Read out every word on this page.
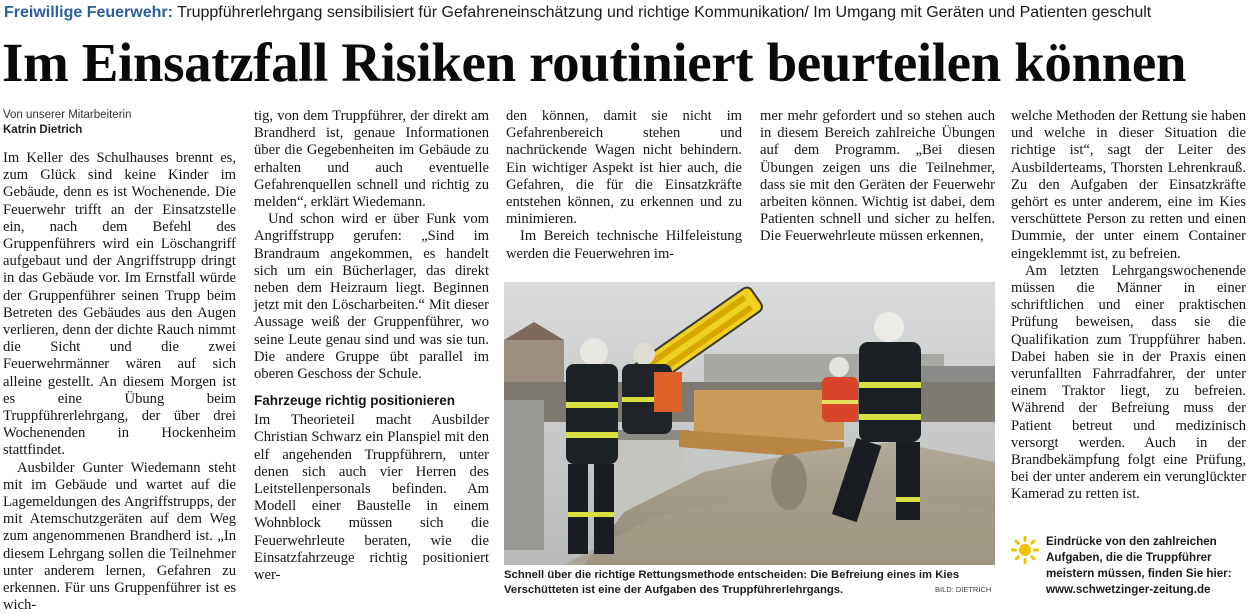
Freiwillige Feuerwehr: Truppführerlehrgang sensibilisiert für Gefahreneinschätzung und richtige Kommunikation/ Im Umgang mit Geräten und Patienten geschult
Im Einsatzfall Risiken routiniert beurteilen können

Von unserer Mitarbeiterin

Katrin Dietrich

Im Keller des Schulhauses brennt es, zum Glück sind keine Kinder im Gebäude, denn es ist Wochenende. Die Feuerwehr trifft an der Einsatzstelle ein, nach dem Befehl des Gruppenführers wird ein Löschangriff aufgebaut und der Angriffstrupp dringt in das Gebäude vor. Im Ernstfall würde der Gruppenführer seinen Trupp beim Betreten des Gebäudes aus den Augen verlieren, denn der dichte Rauch nimmt die Sicht und die zwei Feuerwehrmänner wären auf sich alleine gestellt. An diesem Morgen ist es eine Übung beim Truppführerlehrgang, der über drei Wochenenden in Hockenheim stattfindet.

Ausbilder Gunter Wiedemann steht mit im Gebäude und wartet auf die Lagemeldungen des Angriffstrupps, der mit Atemschutzgeräten auf dem Weg zum angenommenen Brandherd ist. „In diesem Lehrgang sollen die Teilnehmer unter anderem lernen, Gefahren zu erkennen. Für uns Gruppenführer ist es wich-

tig, von dem Truppführer, der direkt am Brandherd ist, genaue Informationen über die Gegebenheiten im Gebäude zu erhalten und auch eventuelle Gefahrenquellen schnell und richtig zu melden“, erklärt Wiedemann.

Und schon wird er über Funk vom Angriffstrupp gerufen: „Sind im Brandraum angekommen, es handelt sich um ein Bücherlager, das direkt neben dem Heizraum liegt. Beginnen jetzt mit den Löscharbeiten.“ Mit dieser Aussage weiß der Gruppenführer, wo seine Leute genau sind und was sie tun. Die andere Gruppe übt parallel im oberen Geschoss der Schule.

Fahrzeuge richtig positionieren

Im Theorieteil macht Ausbilder Christian Schwarz ein Planspiel mit den elf angehenden Truppführern, unter denen sich auch vier Herren des Leitstellenpersonals befinden. Am Modell einer Baustelle in einem Wohnblock müssen sich die Feuerwehrleute beraten, wie die Einsatzfahrzeuge richtig positioniert wer-

den können, damit sie nicht im Gefahrenbereich stehen und nachrückende Wagen nicht behindern. Ein wichtiger Aspekt ist hier auch, die Gefahren, die für die Einsatzkräfte entstehen können, zu erkennen und zu minimieren.

Im Bereich technische Hilfeleistung werden die Feuerwehren im-

mer mehr gefordert und so stehen auch in diesem Bereich zahlreiche Übungen auf dem Programm. „Bei diesen Übungen zeigen uns die Teilnehmer, dass sie mit den Geräten der Feuerwehr arbeiten können. Wichtig ist dabei, dem Patienten schnell und sicher zu helfen. Die Feuerwehrleute müssen erkennen,

welche Methoden der Rettung sie haben und welche in dieser Situation die richtige ist“, sagt der Leiter des Ausbilderteams, Thorsten Lehrenkrauß. Zu den Aufgaben der Einsatzkräfte gehört es unter anderem, eine im Kies verschüttete Person zu retten und einen Dummie, der unter einem Container eingeklemmt ist, zu befreien.

Am letzten Lehrgangswochenende müssen die Männer in einer schriftlichen und einer praktischen Prüfung beweisen, dass sie die Qualifikation zum Truppführer haben. Dabei haben sie in der Praxis einen verunfallten Fahrradfahrer, der unter einem Traktor liegt, zu befreien. Während der Befreiung muss der Patient betreut und medizinisch versorgt werden. Auch in der Brandbekämpfung folgt eine Prüfung, bei der unter anderem ein verunglückter Kamerad zu retten ist.

Schnell über die richtige Rettungsmethode entscheiden: Die Befreiung eines im Kies Verschütteten ist eine der Aufgaben des Truppführerlehrgangs.	BILD: DIETRICH
Eindrücke von den zahlreichen
Aufgaben, die die Truppführer
meistern müssen, finden Sie hier:
www.schwetzinger-zeitung.de
